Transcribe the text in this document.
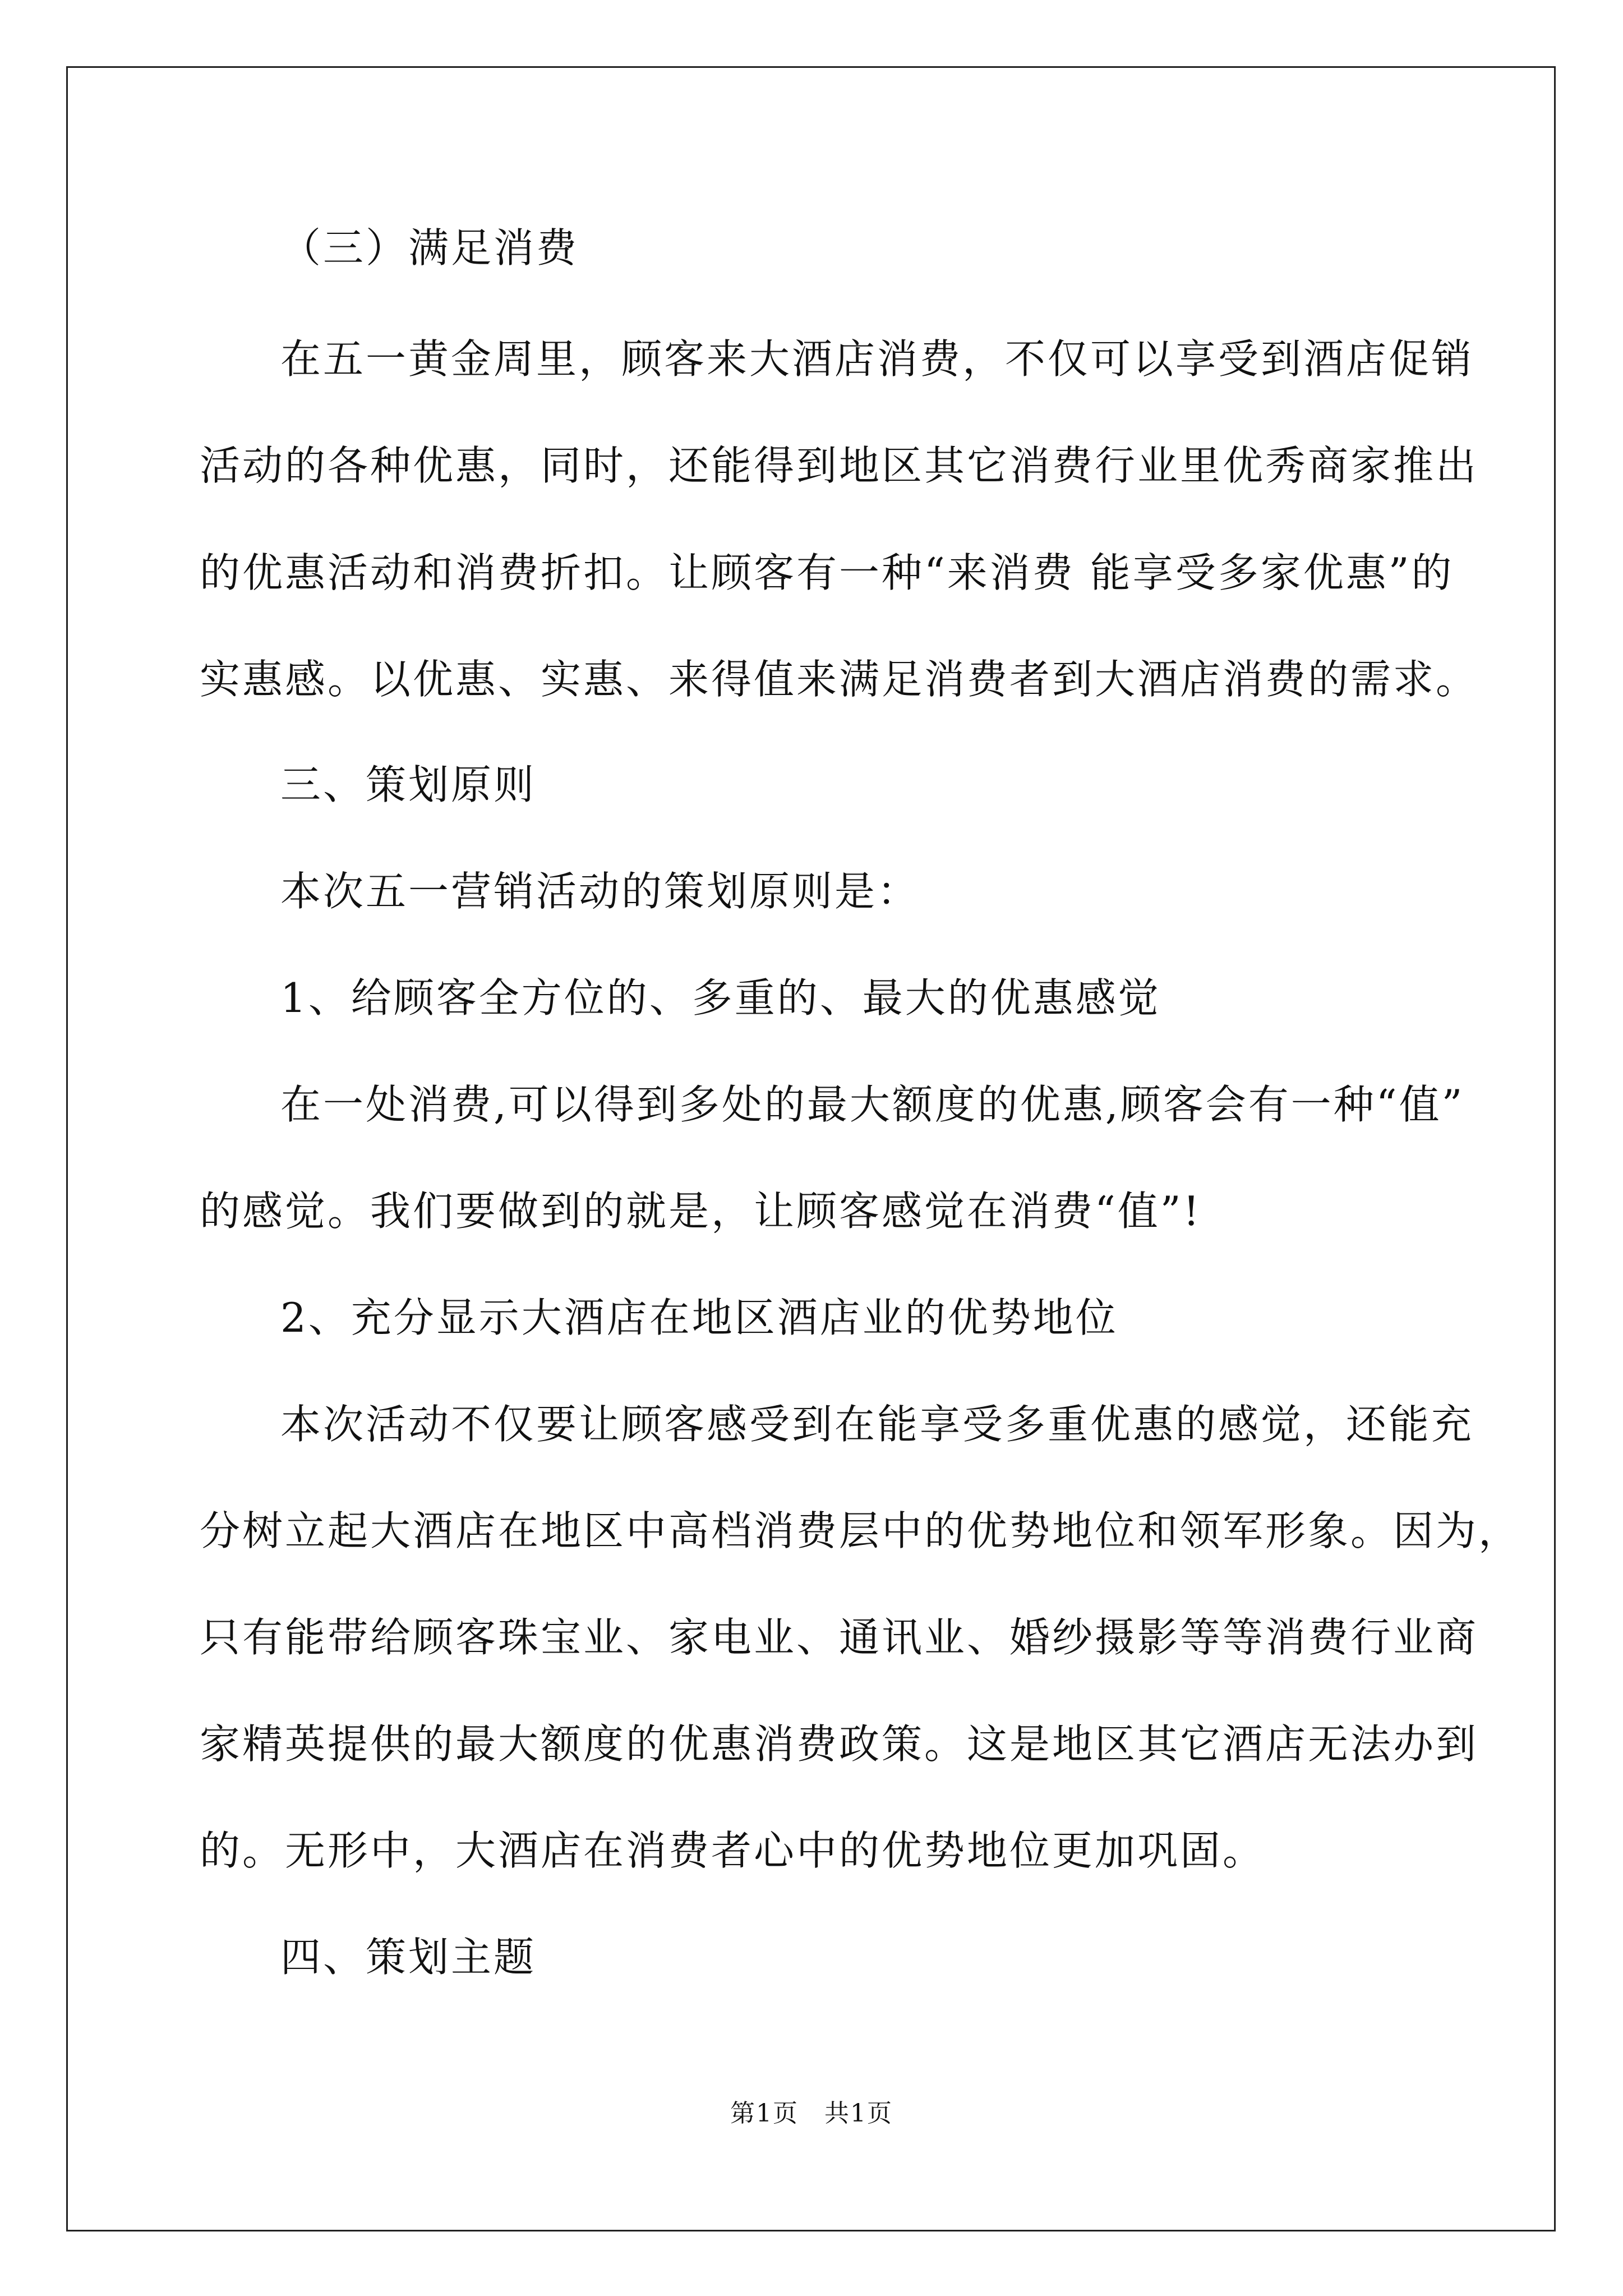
（三）满足消费
在五一黄金周里，顾客来大酒店消费，不仅可以享受到酒店促销
活动的各种优惠，同时，还能得到地区其它消费行业里优秀商家推出
的优惠活动和消费折扣。让顾客有一种“来消费 能享受多家优惠”的
实惠感。以优惠、实惠、来得值来满足消费者到大酒店消费的需求。
三、策划原则
本次五一营销活动的策划原则是：
1、给顾客全方位的、多重的、最大的优惠感觉
在一处消费,可以得到多处的最大额度的优惠,顾客会有一种“值”
的感觉。我们要做到的就是，让顾客感觉在消费“值”!
2、充分显示大酒店在地区酒店业的优势地位
本次活动不仅要让顾客感受到在能享受多重优惠的感觉，还能充
分树立起大酒店在地区中高档消费层中的优势地位和领军形象。因为，
只有能带给顾客珠宝业、家电业、通讯业、婚纱摄影等等消费行业商
家精英提供的最大额度的优惠消费政策。这是地区其它酒店无法办到
的。无形中，大酒店在消费者心中的优势地位更加巩固。
四、策划主题
第1页　共1页
